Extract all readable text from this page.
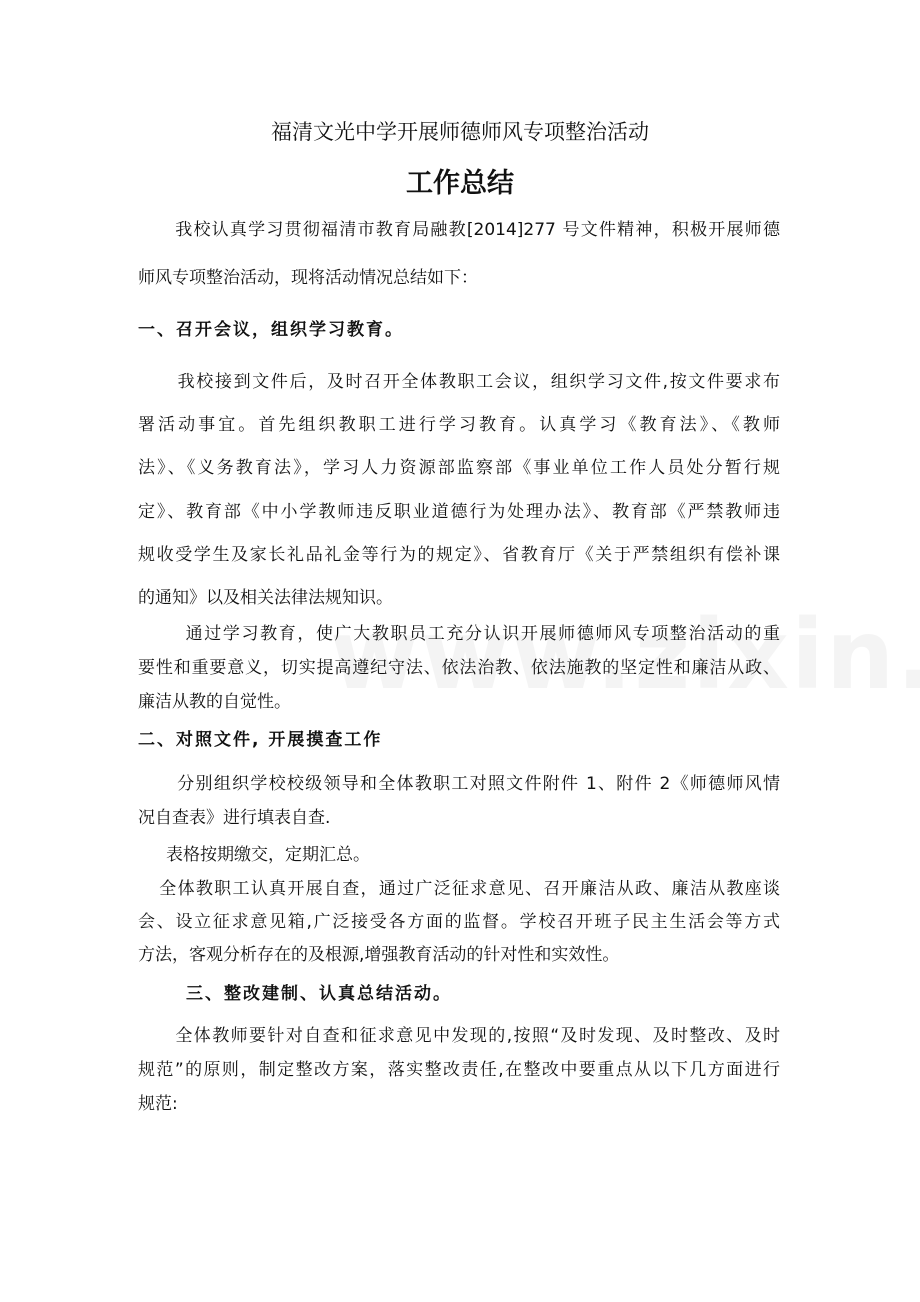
福清文光中学开展师德师风专项整治活动
工作总结
我校认真学习贯彻福清市教育局融教[2014]277 号文件精神，积极开展师德
师风专项整治活动，现将活动情况总结如下：
一、召开会议，组织学习教育。
我校接到文件后，及时召开全体教职工会议，组织学习文件,按文件要求布
署活动事宜。首先组织教职工进行学习教育。认真学习《教育法》、《教师
法》、《义务教育法》，学习人力资源部监察部《事业单位工作人员处分暂行规
定》、教育部《中小学教师违反职业道德行为处理办法》、教育部《严禁教师违
规收受学生及家长礼品礼金等行为的规定》、省教育厅《关于严禁组织有偿补课
的通知》以及相关法律法规知识。
通过学习教育，使广大教职员工充分认识开展师德师风专项整治活动的重
要性和重要意义，切实提高遵纪守法、依法治教、依法施教的坚定性和廉洁从政、
廉洁从教的自觉性。
二、对照文件, 开展摸查工作
分别组织学校校级领导和全体教职工对照文件附件 1、附件 2《师德师风情
况自查表》进行填表自查.
表格按期缴交，定期汇总。
全体教职工认真开展自查，通过广泛征求意见、召开廉洁从政、廉洁从教座谈
会、设立征求意见箱,广泛接受各方面的监督。学校召开班子民主生活会等方式
方法，客观分析存在的及根源,增强教育活动的针对性和实效性。
三、整改建制、认真总结活动。
全体教师要针对自查和征求意见中发现的,按照“及时发现、及时整改、及时
规范”的原则，制定整改方案，落实整改责任,在整改中要重点从以下几方面进行
规范:
